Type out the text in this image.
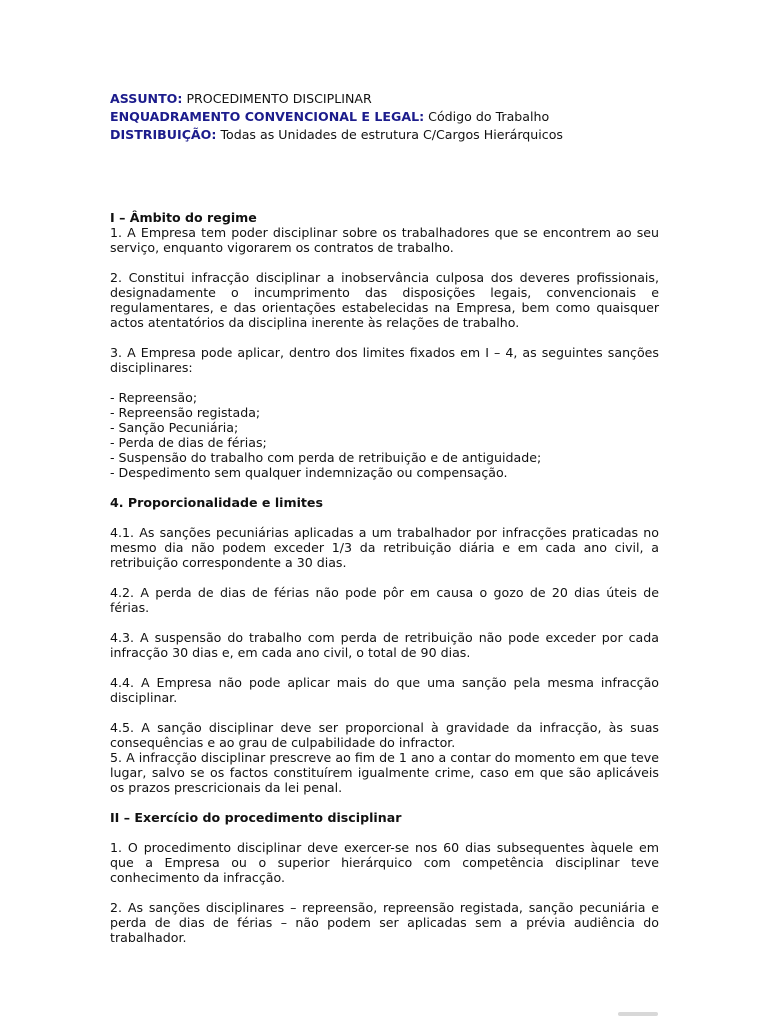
ASSUNTO: PROCEDIMENTO DISCIPLINAR
ENQUADRAMENTO CONVENCIONAL E LEGAL: Código do Trabalho
DISTRIBUIÇÃO: Todas as Unidades de estrutura C/Cargos Hierárquicos

I – Âmbito do regime

1. A Empresa tem poder disciplinar sobre os trabalhadores que se encontrem ao seu serviço, enquanto vigorarem os contratos de trabalho.

2. Constitui infracção disciplinar a inobservância culposa dos deveres profissionais, designadamente o incumprimento das disposições legais, convencionais e regulamentares, e das orientações estabelecidas na Empresa, bem como quaisquer actos atentatórios da disciplina inerente às relações de trabalho.

3. A Empresa pode aplicar, dentro dos limites fixados em I – 4, as seguintes sanções disciplinares:

- Repreensão;
- Repreensão registada;
- Sanção Pecuniária;
- Perda de dias de férias;
- Suspensão do trabalho com perda de retribuição e de antiguidade;
- Despedimento sem qualquer indemnização ou compensação.

4. Proporcionalidade e limites

4.1. As sanções pecuniárias aplicadas a um trabalhador por infracções praticadas no mesmo dia não podem exceder 1/3 da retribuição diária e em cada ano civil, a retribuição correspondente a 30 dias.

4.2. A perda de dias de férias não pode pôr em causa o gozo de 20 dias úteis de férias.

4.3. A suspensão do trabalho com perda de retribuição não pode exceder por cada infracção 30 dias e, em cada ano civil, o total de 90 dias.

4.4. A Empresa não pode aplicar mais do que uma sanção pela mesma infracção disciplinar.

4.5. A sanção disciplinar deve ser proporcional à gravidade da infracção, às suas consequências e ao grau de culpabilidade do infractor.

5. A infracção disciplinar prescreve ao fim de 1 ano a contar do momento em que teve lugar, salvo se os factos constituírem igualmente crime, caso em que são aplicáveis os prazos prescricionais da lei penal.

II – Exercício do procedimento disciplinar

1. O procedimento disciplinar deve exercer-se nos 60 dias subsequentes àquele em que a Empresa ou o superior hierárquico com competência disciplinar teve conhecimento da infracção.

2. As sanções disciplinares – repreensão, repreensão registada, sanção pecuniária e perda de dias de férias – não podem ser aplicadas sem a prévia audiência do trabalhador.
